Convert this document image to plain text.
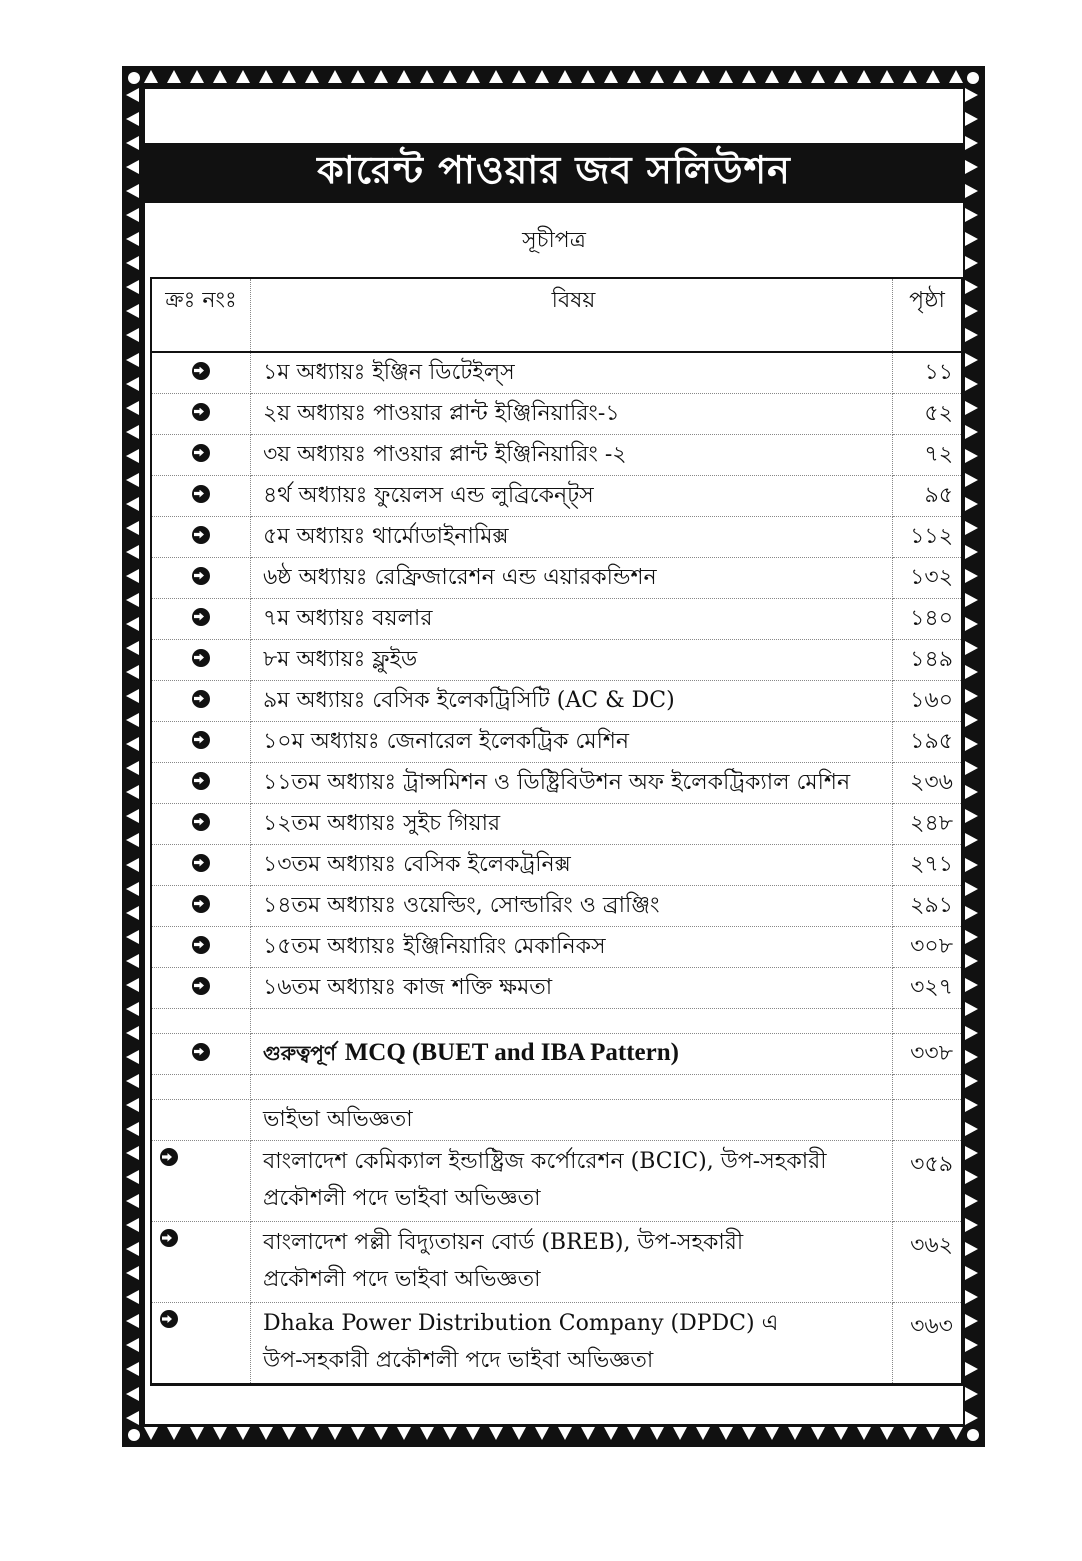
কারেন্ট পাওয়ার জব সলিউশন
সূচীপত্র
ক্রঃ নংঃ	বিষয়	পৃষ্ঠা
	১ম অধ্যায়ঃ ইঞ্জিন ডিটেইল্‌স	১১
	২য় অধ্যায়ঃ পাওয়ার প্লান্ট ইঞ্জিনিয়ারিং-১	৫২
	৩য় অধ্যায়ঃ পাওয়ার প্লান্ট ইঞ্জিনিয়ারিং -২	৭২
	৪র্থ অধ্যায়ঃ ফুয়েলস এন্ড লুব্রিকেন্ট্‌স	৯৫
	৫ম অধ্যায়ঃ থার্মোডাইনামিক্স	১১২
	৬ষ্ঠ অধ্যায়ঃ রেফ্রিজারেশন এন্ড এয়ারকন্ডিশন	১৩২
	৭ম অধ্যায়ঃ বয়লার	১৪০
	৮ম অধ্যায়ঃ ফ্লুইড	১৪৯
	৯ম অধ্যায়ঃ বেসিক ইলেকট্রিসিটি (AC & DC)	১৬০
	১০ম অধ্যায়ঃ জেনারেল ইলেকট্রিক মেশিন	১৯৫
	১১তম অধ্যায়ঃ ট্রান্সমিশন ও ডিষ্ট্রিবিউশন অফ ইলেকট্রিক্যাল মেশিন	২৩৬
	১২তম অধ্যায়ঃ সুইচ গিয়ার	২৪৮
	১৩তম অধ্যায়ঃ বেসিক ইলেকট্রনিক্স	২৭১
	১৪তম অধ্যায়ঃ ওয়েল্ডিং, সোল্ডারিং ও ব্রাঞ্জিং	২৯১
	১৫তম অধ্যায়ঃ ইঞ্জিনিয়ারিং মেকানিকস	৩০৮
	১৬তম অধ্যায়ঃ কাজ শক্তি ক্ষমতা	৩২৭

	গুরুত্বপূর্ণ MCQ (BUET and IBA Pattern)	৩৩৮

	ভাইভা অভিজ্ঞতা	

	বাংলাদেশ কেমিক্যাল ইন্ডাষ্ট্রিজ কর্পোরেশন (BCIC), উপ-সহকারী
প্রকৌশলী পদে ভাইবা অভিজ্ঞতা	৩৫৯

	বাংলাদেশ পল্লী বিদ্যুতায়ন বোর্ড (BREB), উপ-সহকারী
প্রকৌশলী পদে ভাইবা অভিজ্ঞতা	৩৬২

	Dhaka Power Distribution Company (DPDC) এ
উপ-সহকারী প্রকৌশলী পদে ভাইবা অভিজ্ঞতা	৩৬৩
